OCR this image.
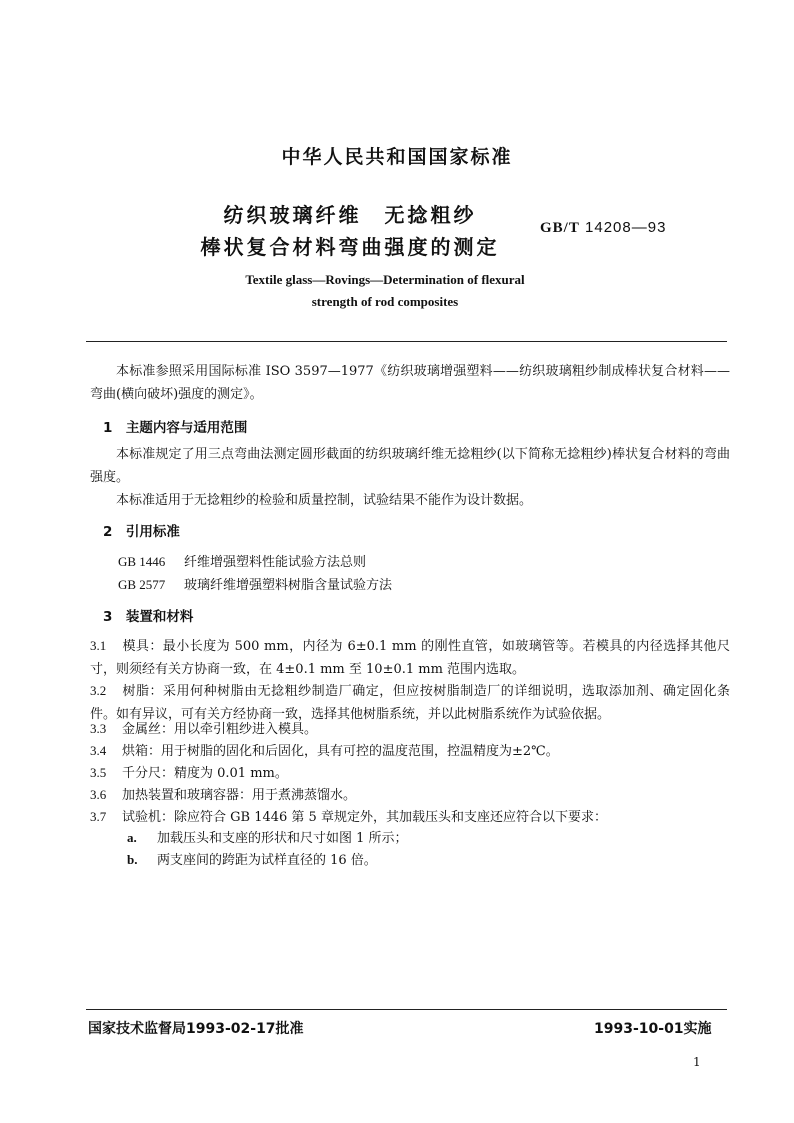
中华人民共和国国家标准
纺织玻璃纤维　无捻粗纱
棒状复合材料弯曲强度的测定
GB/T 14208—93
Textile glass—Rovings—Determination of flexural
strength of rod composites
本标准参照采用国际标准 ISO 3597—1977《纺织玻璃增强塑料——纺织玻璃粗纱制成棒状复合材料——弯曲(横向破坏)强度的测定》。
1　主题内容与适用范围
本标准规定了用三点弯曲法测定圆形截面的纺织玻璃纤维无捻粗纱(以下简称无捻粗纱)棒状复合材料的弯曲强度。
本标准适用于无捻粗纱的检验和质量控制，试验结果不能作为设计数据。
2　引用标准
GB 1446 纤维增强塑料性能试验方法总则
GB 2577 玻璃纤维增强塑料树脂含量试验方法
3　装置和材料
3.1 模具：最小长度为 500 mm，内径为 6±0.1 mm 的刚性直管，如玻璃管等。若模具的内径选择其他尺寸，则须经有关方协商一致，在 4±0.1 mm 至 10±0.1 mm 范围内选取。
3.2 树脂：采用何种树脂由无捻粗纱制造厂确定，但应按树脂制造厂的详细说明，选取添加剂、确定固化条件。如有异议，可有关方经协商一致，选择其他树脂系统，并以此树脂系统作为试验依据。
3.3 金属丝：用以牵引粗纱进入模具。
3.4 烘箱：用于树脂的固化和后固化，具有可控的温度范围，控温精度为±2℃。
3.5 千分尺：精度为 0.01 mm。
3.6 加热装置和玻璃容器：用于煮沸蒸馏水。
3.7 试验机：除应符合 GB 1446 第 5 章规定外，其加载压头和支座还应符合以下要求：
a. 加载压头和支座的形状和尺寸如图 1 所示；
b. 两支座间的跨距为试样直径的 16 倍。
国家技术监督局1993-02-17批准	1993-10-01实施
1
